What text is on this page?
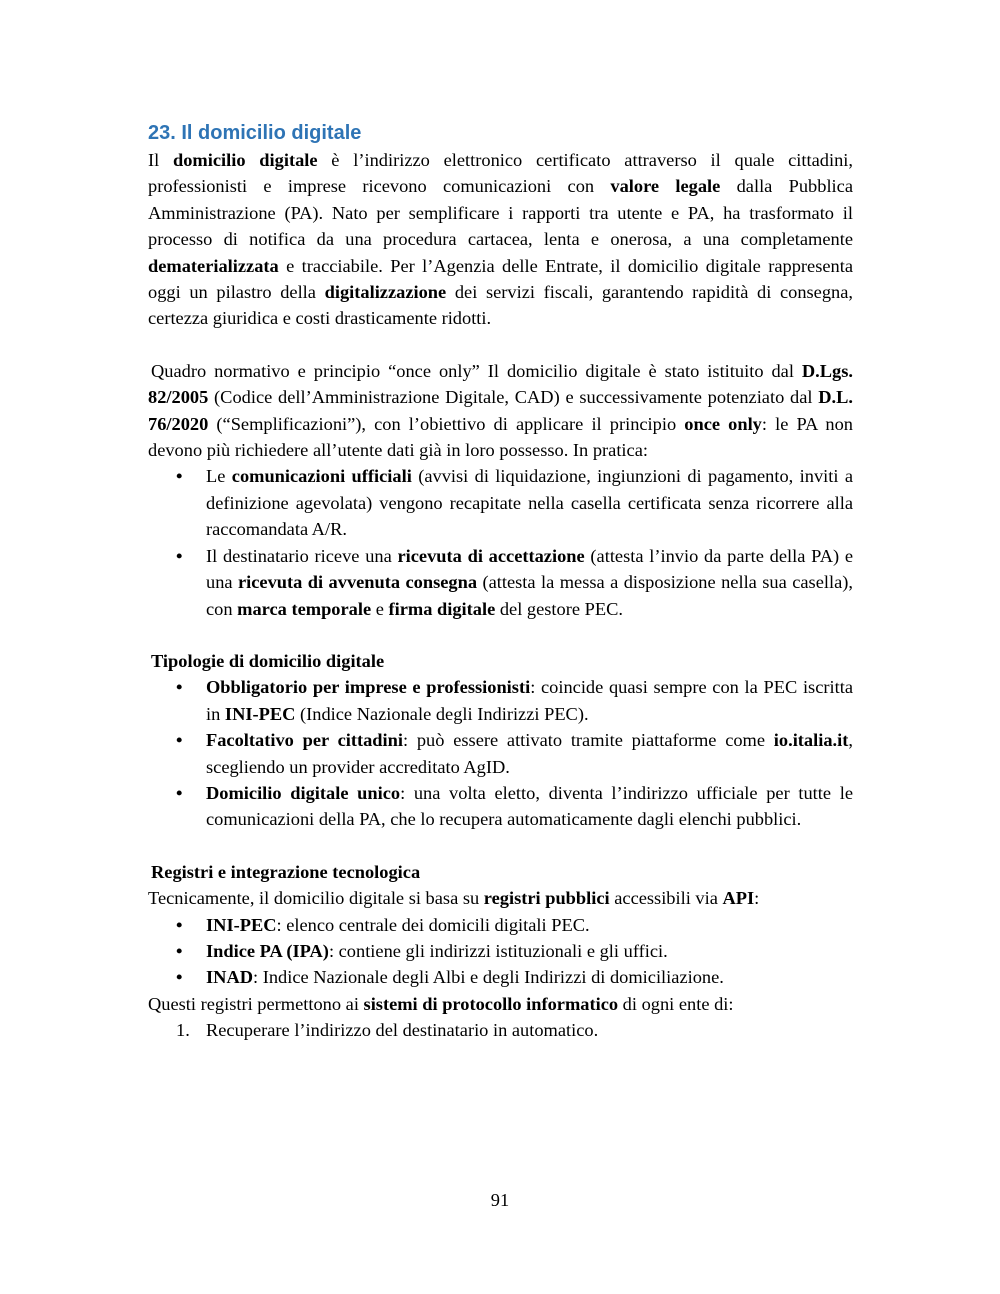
23. Il domicilio digitale

Il domicilio digitale è l’indirizzo elettronico certificato attraverso il quale cittadini, professionisti e imprese ricevono comunicazioni con valore legale dalla Pubblica Amministrazione (PA). Nato per semplificare i rapporti tra utente e PA, ha trasformato il processo di notifica da una procedura cartacea, lenta e onerosa, a una completamente dematerializzata e tracciabile. Per l’Agenzia delle Entrate, il domicilio digitale rappresenta oggi un pilastro della digitalizzazione dei servizi fiscali, garantendo rapidità di consegna, certezza giuridica e costi drasticamente ridotti.

Quadro normativo e principio “once only” Il domicilio digitale è stato istituito dal D.Lgs. 82/2005 (Codice dell’Amministrazione Digitale, CAD) e successivamente potenziato dal D.L. 76/2020 (“Semplificazioni”), con l’obiettivo di applicare il principio once only: le PA non devono più richiedere all’utente dati già in loro possesso. In pratica:

• Le comunicazioni ufficiali (avvisi di liquidazione, ingiunzioni di pagamento, inviti a definizione agevolata) vengono recapitate nella casella certificata senza ricorrere alla raccomandata A/R.
• Il destinatario riceve una ricevuta di accettazione (attesta l’invio da parte della PA) e una ricevuta di avvenuta consegna (attesta la messa a disposizione nella sua casella), con marca temporale e firma digitale del gestore PEC.

Tipologie di domicilio digitale

• Obbligatorio per imprese e professionisti: coincide quasi sempre con la PEC iscritta in INI-PEC (Indice Nazionale degli Indirizzi PEC).
• Facoltativo per cittadini: può essere attivato tramite piattaforme come io.italia.it, scegliendo un provider accreditato AgID.
• Domicilio digitale unico: una volta eletto, diventa l’indirizzo ufficiale per tutte le comunicazioni della PA, che lo recupera automaticamente dagli elenchi pubblici.

Registri e integrazione tecnologica

Tecnicamente, il domicilio digitale si basa su registri pubblici accessibili via API:

• INI-PEC: elenco centrale dei domicili digitali PEC.
• Indice PA (IPA): contiene gli indirizzi istituzionali e gli uffici.
• INAD: Indice Nazionale degli Albi e degli Indirizzi di domiciliazione.

Questi registri permettono ai sistemi di protocollo informatico di ogni ente di:

1. Recuperare l’indirizzo del destinatario in automatico.
91
